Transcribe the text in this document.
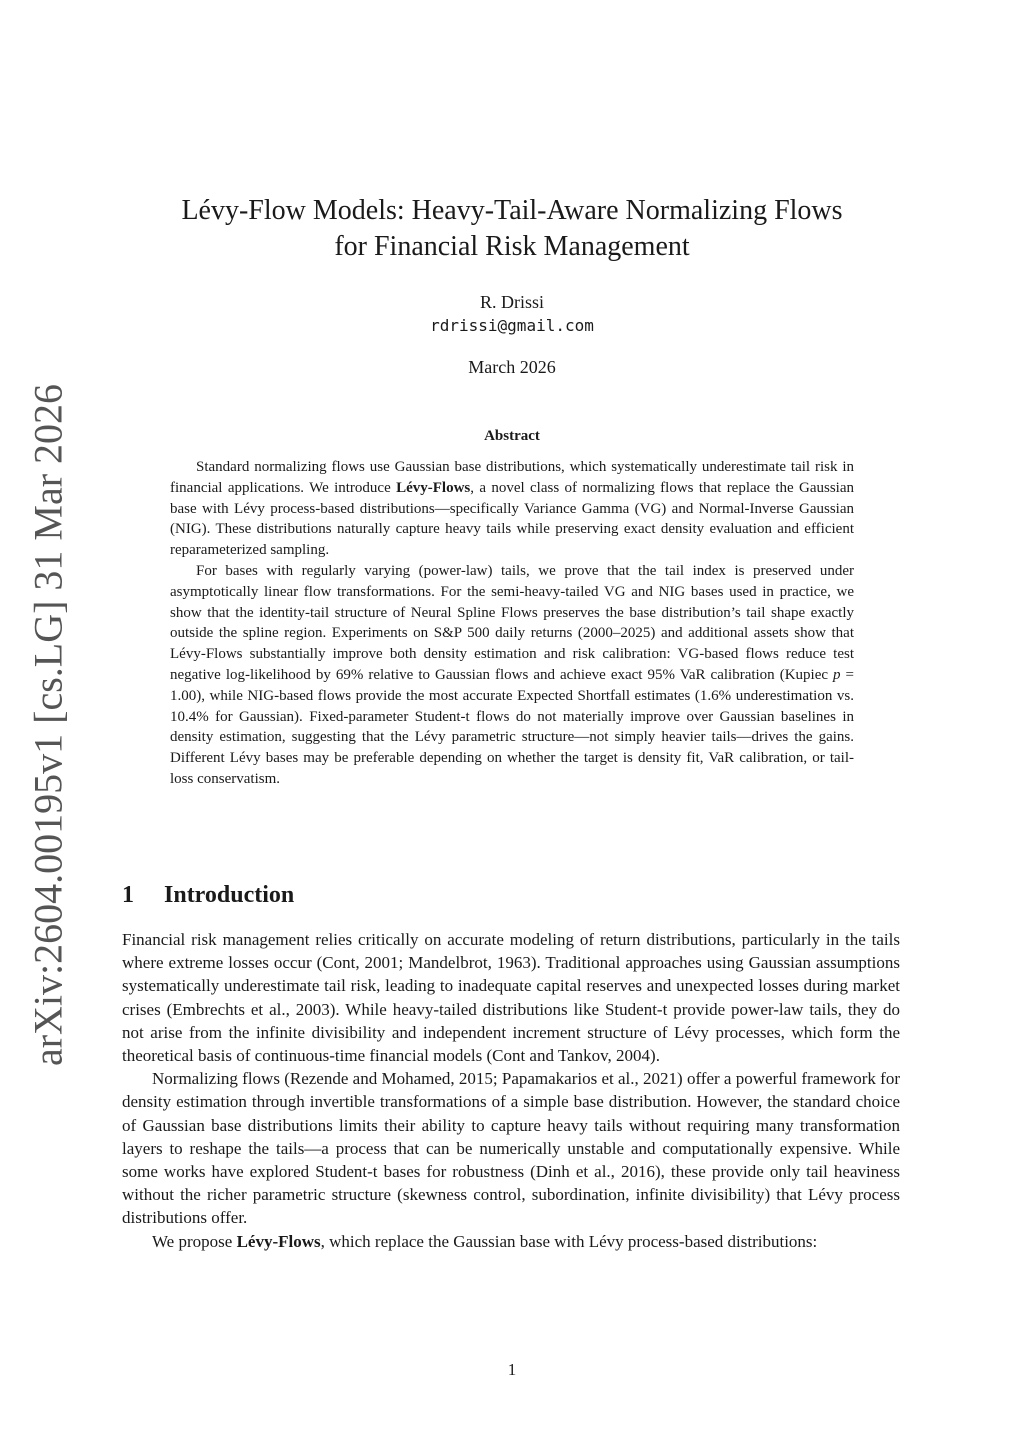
arXiv:2604.00195v1 [cs.LG] 31 Mar 2026
Lévy-Flow Models: Heavy-Tail-Aware Normalizing Flows
for Financial Risk Management
R. Drissi
rdrissi@gmail.com
March 2026
Abstract

Standard normalizing flows use Gaussian base distributions, which systematically underestimate tail risk in financial applications. We introduce Lévy-Flows, a novel class of normalizing flows that replace the Gaussian base with Lévy process-based distributions—specifically Variance Gamma (VG) and Normal-Inverse Gaussian (NIG). These distributions naturally capture heavy tails while preserving exact density evaluation and efficient reparameterized sampling.

For bases with regularly varying (power-law) tails, we prove that the tail index is preserved under asymptotically linear flow transformations. For the semi-heavy-tailed VG and NIG bases used in practice, we show that the identity-tail structure of Neural Spline Flows preserves the base distribution’s tail shape exactly outside the spline region. Experiments on S&P 500 daily returns (2000–2025) and additional assets show that Lévy-Flows substantially improve both density estimation and risk calibration: VG-based flows reduce test negative log-likelihood by 69% relative to Gaussian flows and achieve exact 95% VaR calibration (Kupiec p = 1.00), while NIG-based flows provide the most accurate Expected Shortfall estimates (1.6% underestimation vs. 10.4% for Gaussian). Fixed-parameter Student-t flows do not materially improve over Gaussian baselines in density estimation, suggesting that the Lévy parametric structure—not simply heavier tails—drives the gains. Different Lévy bases may be preferable depending on whether the target is density fit, VaR calibration, or tail-loss conservatism.

1 Introduction

Financial risk management relies critically on accurate modeling of return distributions, particularly in the tails where extreme losses occur (Cont, 2001; Mandelbrot, 1963). Traditional approaches using Gaussian assumptions systematically underestimate tail risk, leading to inadequate capital reserves and unexpected losses during market crises (Embrechts et al., 2003). While heavy-tailed distributions like Student-t provide power-law tails, they do not arise from the infinite divisibility and independent increment structure of Lévy processes, which form the theoretical basis of continuous-time financial models (Cont and Tankov, 2004).

Normalizing flows (Rezende and Mohamed, 2015; Papamakarios et al., 2021) offer a powerful framework for density estimation through invertible transformations of a simple base distribution. However, the standard choice of Gaussian base distributions limits their ability to capture heavy tails without requiring many transformation layers to reshape the tails—a process that can be numerically unstable and computationally expensive. While some works have explored Student-t bases for robustness (Dinh et al., 2016), these provide only tail heaviness without the richer parametric structure (skewness control, subordination, infinite divisibility) that Lévy process distributions offer.

We propose Lévy-Flows, which replace the Gaussian base with Lévy process-based distributions:

1
